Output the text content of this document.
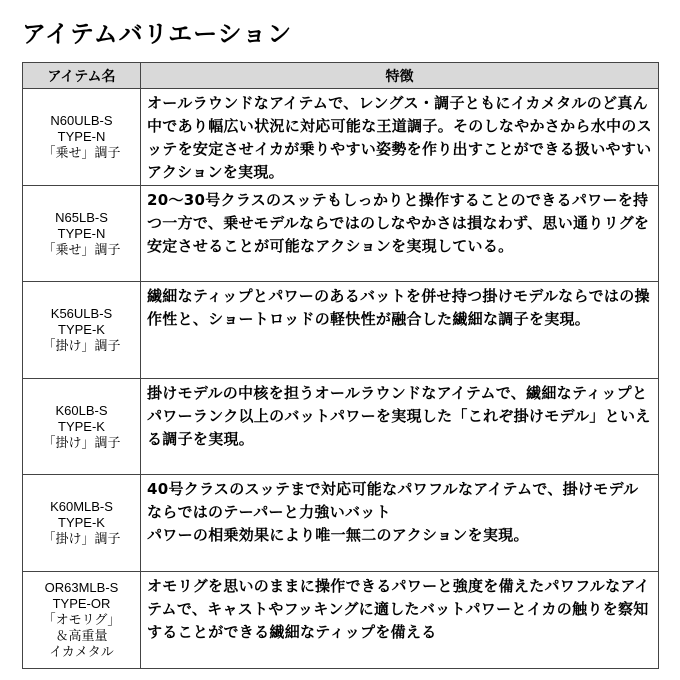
アイテムバリエーション
アイテム名	特徴

N60ULB-S
TYPE-N
「乗せ」調子	オールラウンドなアイテムで、レングス・調子ともにイカメタルのど真ん中であり幅広い状況に対応可能な王道調子。そのしなやかさから水中のスッテを安定させイカが乗りやすい姿勢を作り出すことができる扱いやすいアクションを実現。

N65LB-S
TYPE-N
「乗せ」調子	20〜30号クラスのスッテもしっかりと操作することのできるパワーを持つ一方で、乗せモデルならではのしなやかさは損なわず、思い通りリグを安定させることが可能なアクションを実現している。

K56ULB-S
TYPE-K
「掛け」調子	繊細なティップとパワーのあるバットを併せ持つ掛けモデルならではの操作性と、ショートロッドの軽快性が融合した繊細な調子を実現。

K60LB-S
TYPE-K
「掛け」調子	掛けモデルの中核を担うオールラウンドなアイテムで、繊細なティップとパワーランク以上のバットパワーを実現した「これぞ掛けモデル」といえる調子を実現。

K60MLB-S
TYPE-K
「掛け」調子	40号クラスのスッテまで対応可能なパワフルなアイテムで、掛けモデルならではのテーパーと力強いバット
パワーの相乗効果により唯一無二のアクションを実現。

OR63MLB-S
TYPE-OR
「オモリグ」
＆高重量
イカメタル	オモリグを思いのままに操作できるパワーと強度を備えたパワフルなアイテムで、キャストやフッキングに適したバットパワーとイカの触りを察知することができる繊細なティップを備える
